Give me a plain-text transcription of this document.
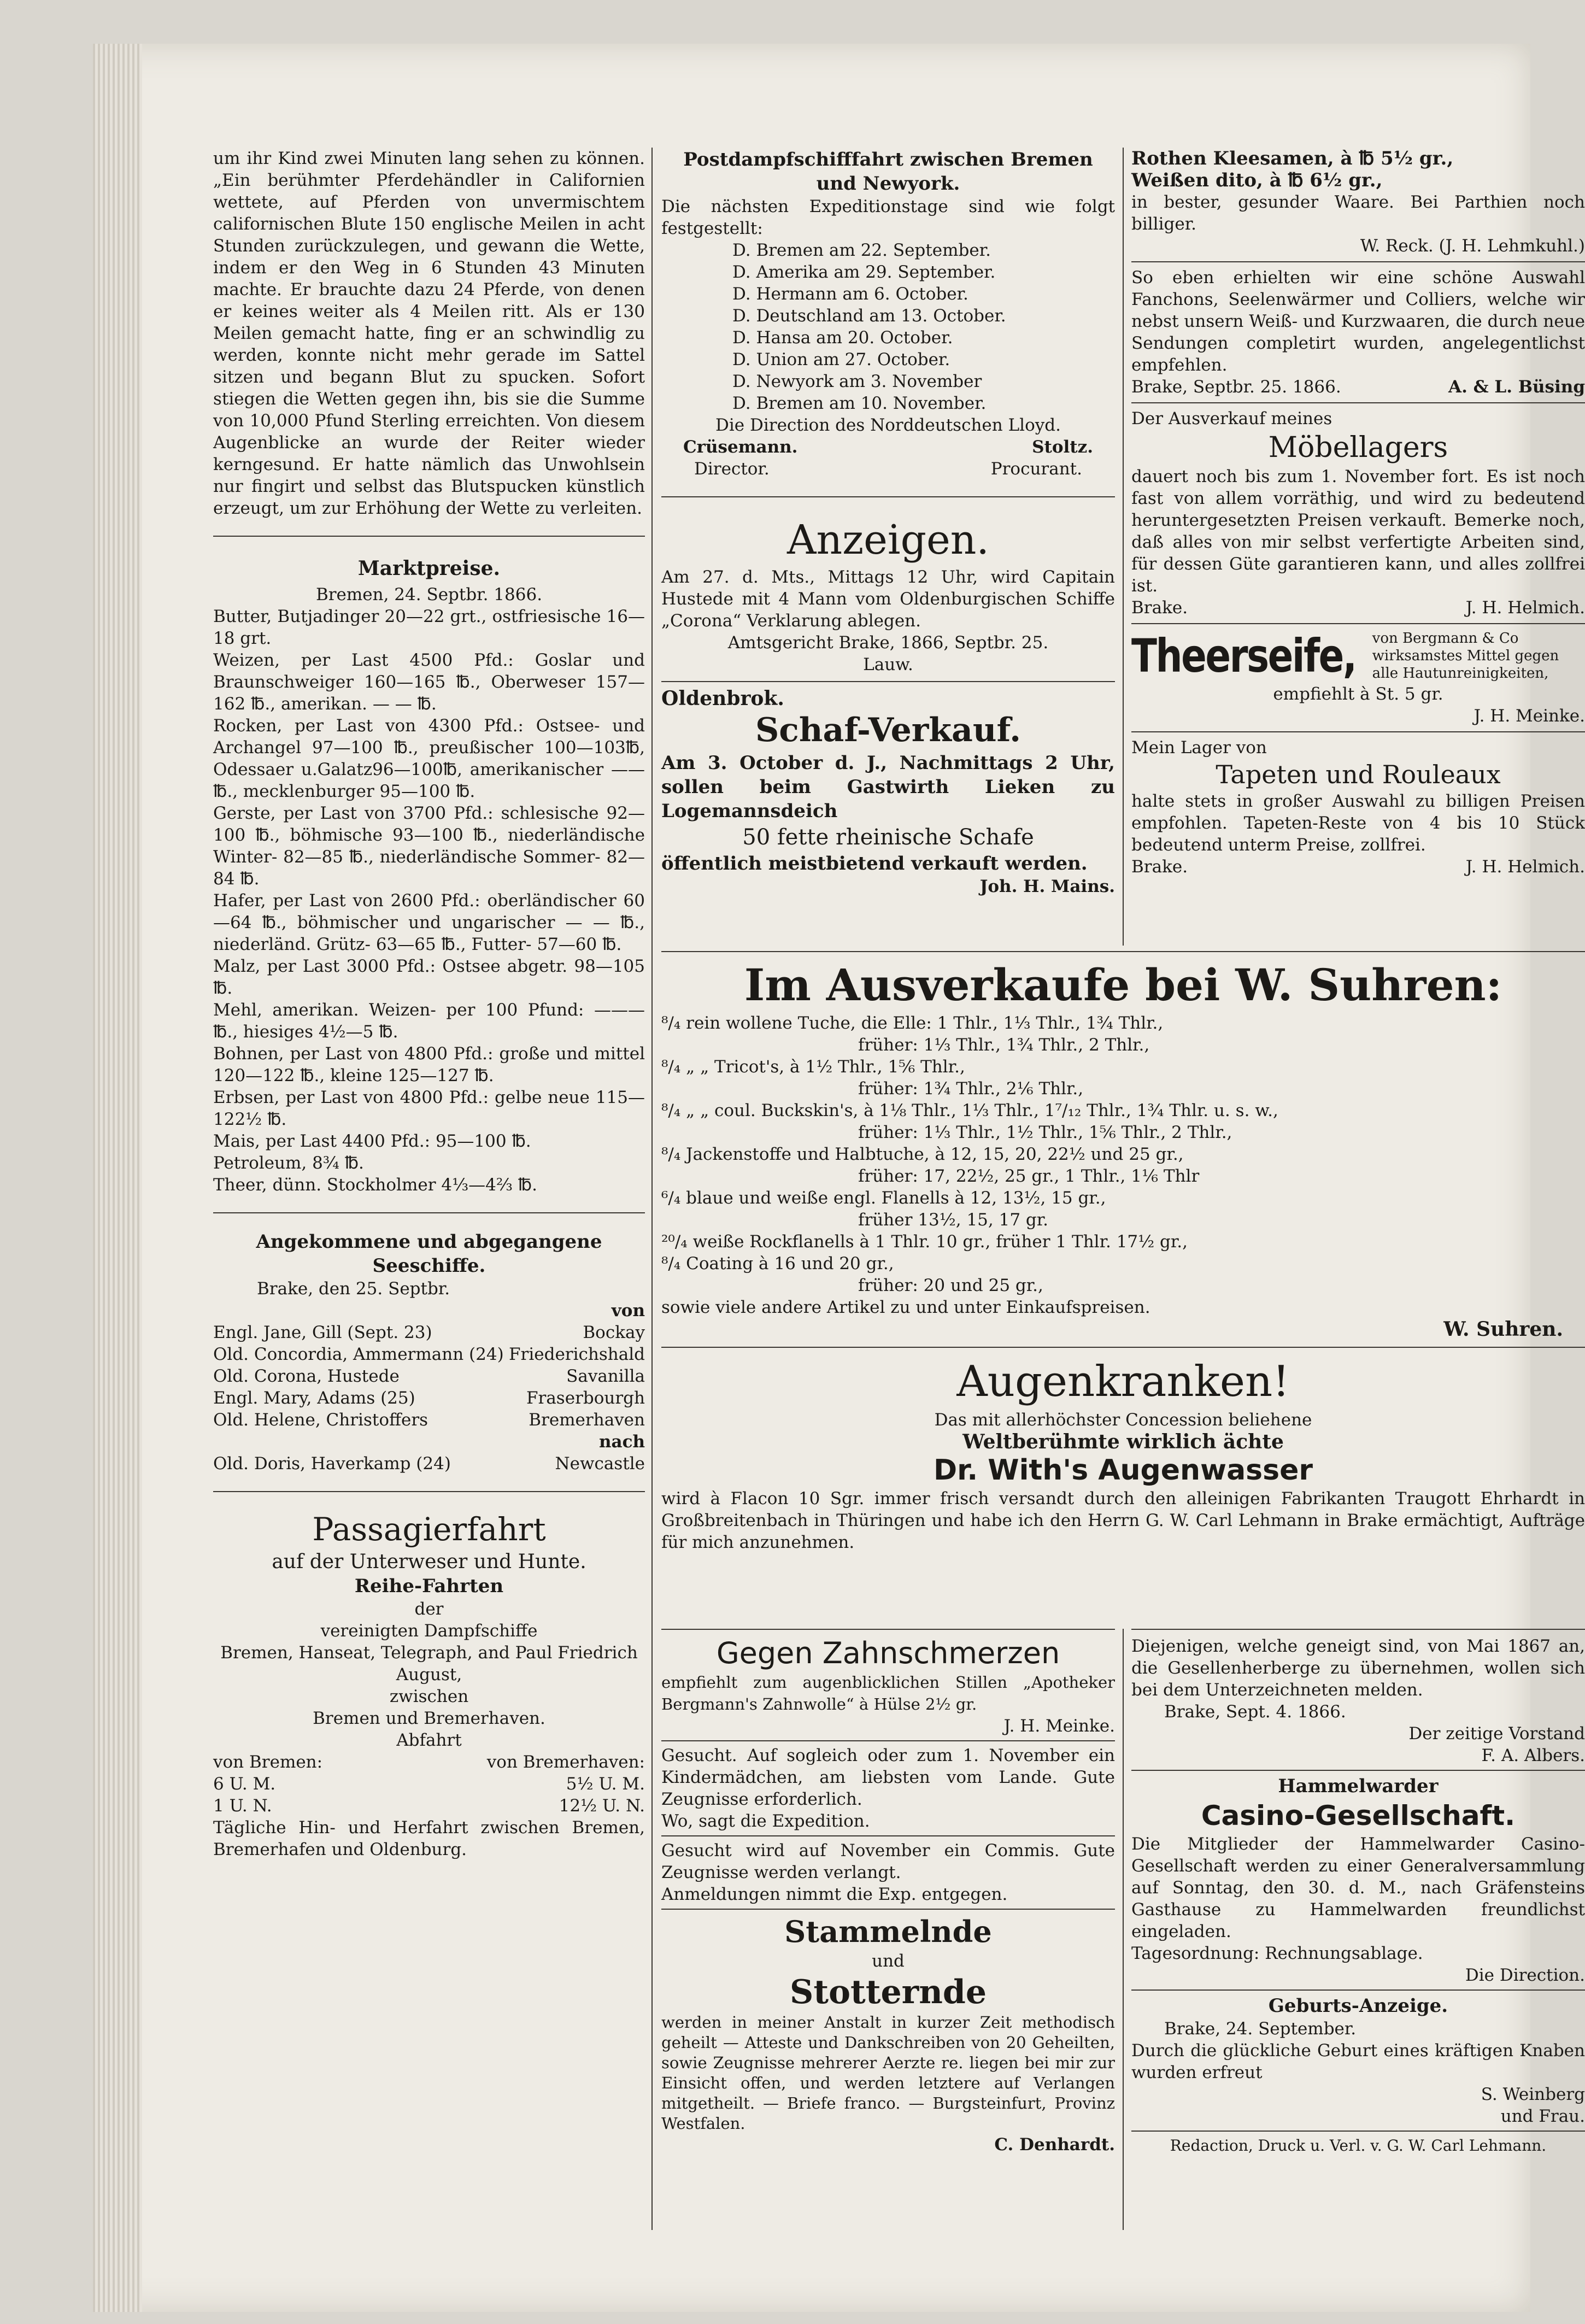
um ihr Kind zwei Minuten lang sehen zu können. „Ein berühmter Pferdehändler in Californien wettete, auf Pferden von unvermischtem californischen Blute 150 englische Meilen in acht Stunden zurückzulegen, und gewann die Wette, indem er den Weg in 6 Stunden 43 Minuten machte. Er brauchte dazu 24 Pferde, von denen er keines weiter als 4 Meilen ritt. Als er 130 Meilen gemacht hatte, fing er an schwindlig zu werden, konnte nicht mehr gerade im Sattel sitzen und begann Blut zu spucken. Sofort stiegen die Wetten gegen ihn, bis sie die Summe von 10,000 Pfund Sterling erreichten. Von diesem Augenblicke an wurde der Reiter wieder kerngesund. Er hatte nämlich das Unwohlsein nur fingirt und selbst das Blutspucken künstlich erzeugt, um zur Erhöhung der Wette zu verleiten.

Marktpreise.

Bremen, 24. Septbr. 1866.

Butter, Butjadinger 20—22 grt., ostfriesische 16—18 grt.

Weizen, per Last 4500 Pfd.: Goslar und Braunschweiger 160—165 ℔., Oberweser 157—162 ℔., amerikan. — — ℔.

Rocken, per Last von 4300 Pfd.: Ostsee- und Archangel 97—100 ℔., preußischer 100—103℔, Odessaer u.Galatz96—100℔, amerikanischer —— ℔., mecklenburger 95—100 ℔.

Gerste, per Last von 3700 Pfd.: schlesische 92—100 ℔., böhmische 93—100 ℔., niederländische Winter- 82—85 ℔., niederländische Sommer- 82—84 ℔.

Hafer, per Last von 2600 Pfd.: oberländischer 60—64 ℔., böhmischer und ungarischer — — ℔., niederländ. Grütz- 63—65 ℔., Futter- 57—60 ℔.

Malz, per Last 3000 Pfd.: Ostsee abgetr. 98—105 ℔.

Mehl, amerikan. Weizen- per 100 Pfund: ——— ℔., hiesiges 4½—5 ℔.

Bohnen, per Last von 4800 Pfd.: große und mittel 120—122 ℔., kleine 125—127 ℔.

Erbsen, per Last von 4800 Pfd.: gelbe neue 115—122½ ℔.

Mais, per Last 4400 Pfd.: 95—100 ℔.

Petroleum, 8¾ ℔.

Theer, dünn. Stockholmer 4⅓—4⅔ ℔.

Angekommene und abgegangene Seeschiffe.

Brake, den 25. Septbr.

von

Engl. Jane, Gill (Sept. 23)	Bockay
Old. Concordia, Ammermann (24) Friederichshald
Old. Corona, Hustede	Savanilla
Engl. Mary, Adams (25)	Fraserbourgh
Old. Helene, Christoffers	Bremerhaven

nach

Old. Doris, Haverkamp (24)	Newcastle

Passagierfahrt

auf der Unterweser und Hunte.

Reihe-Fahrten

der

vereinigten Dampfschiffe

Bremen, Hanseat, Telegraph, and Paul Friedrich August,

zwischen

Bremen und Bremerhaven.

Abfahrt

von Bremen:	von Bremerhaven:
6 U. M.	5½ U. M.
1 U. N.	12½ U. N.

Tägliche Hin- und Herfahrt zwischen Bremen, Bremerhafen und Oldenburg.

Postdampfschifffahrt zwischen Bremen und Newyork.

Die nächsten Expeditionstage sind wie folgt festgestellt:

D. Bremen am 22. September.

D. Amerika am 29. September.

D. Hermann am 6. October.

D. Deutschland am 13. October.

D. Hansa am 20. October.

D. Union am 27. October.

D. Newyork am 3. November

D. Bremen am 10. November.

Die Direction des Norddeutschen Lloyd.

Crüsemann.	Stoltz.
Director.	Procurant.

Anzeigen.

Am 27. d. Mts., Mittags 12 Uhr, wird Capitain Hustede mit 4 Mann vom Oldenburgischen Schiffe „Corona“ Verklarung ablegen.

Amtsgericht Brake, 1866, Septbr. 25.

Lauw.

Oldenbrok.

Schaf-Verkauf.

Am 3. October d. J., Nachmittags 2 Uhr, sollen beim Gastwirth Lieken zu Logemannsdeich

50 fette rheinische Schafe

öffentlich meistbietend verkauft werden.

Joh. H. Mains.

Rothen Kleesamen, à ℔ 5½ gr.,

Weißen dito, à ℔ 6½ gr.,

in bester, gesunder Waare. Bei Parthien noch billiger.

W. Reck. (J. H. Lehmkuhl.)

So eben erhielten wir eine schöne Auswahl Fanchons, Seelenwärmer und Colliers, welche wir nebst unsern Weiß- und Kurzwaaren, die durch neue Sendungen completirt wurden, angelegentlichst empfehlen.

Brake, Septbr. 25. 1866.	A. & L. Büsing

Der Ausverkauf meines

Möbellagers

dauert noch bis zum 1. November fort. Es ist noch fast von allem vorräthig, und wird zu bedeutend heruntergesetzten Preisen verkauft. Bemerke noch, daß alles von mir selbst verfertigte Arbeiten sind, für dessen Güte garantieren kann, und alles zollfrei ist.

Brake.	J. H. Helmich.
Theerseife, von Bergmann & Co wirksamstes Mittel gegen alle Hautunreinigkeiten,

empfiehlt à St. 5 gr.

J. H. Meinke.

Mein Lager von

Tapeten und Rouleaux

halte stets in großer Auswahl zu billigen Preisen empfohlen. Tapeten-Reste von 4 bis 10 Stück bedeutend unterm Preise, zollfrei.

Brake.	J. H. Helmich.

Im Ausverkaufe bei W. Suhren:

⁸/₄ rein wollene Tuche, die Elle: 1 Thlr., 1⅓ Thlr., 1¾ Thlr.,

früher: 1⅓ Thlr., 1¾ Thlr., 2 Thlr.,

⁸/₄ „ „ Tricot's, à 1½ Thlr., 1⅚ Thlr.,

früher: 1¾ Thlr., 2⅙ Thlr.,

⁸/₄ „ „ coul. Buckskin's, à 1⅛ Thlr., 1⅓ Thlr., 1⁷/₁₂ Thlr., 1¾ Thlr. u. s. w.,

früher: 1⅓ Thlr., 1½ Thlr., 1⅚ Thlr., 2 Thlr.,

⁸/₄ Jackenstoffe und Halbtuche, à 12, 15, 20, 22½ und 25 gr.,

früher: 17, 22½, 25 gr., 1 Thlr., 1⅙ Thlr

⁶/₄ blaue und weiße engl. Flanells à 12, 13½, 15 gr.,

früher 13½, 15, 17 gr.

²⁰/₄ weiße Rockflanells à 1 Thlr. 10 gr., früher 1 Thlr. 17½ gr.,

⁸/₄ Coating à 16 und 20 gr.,

früher: 20 und 25 gr.,

sowie viele andere Artikel zu und unter Einkaufspreisen.

W. Suhren.

Augenkranken!

Das mit allerhöchster Concession beliehene

Weltberühmte wirklich ächte

Dr. With's Augenwasser

wird à Flacon 10 Sgr. immer frisch versandt durch den alleinigen Fabrikanten Traugott Ehrhardt in Großbreitenbach in Thüringen und habe ich den Herrn G. W. Carl Lehmann in Brake ermächtigt, Aufträge für mich anzunehmen.

Gegen Zahnschmerzen

empfiehlt zum augenblicklichen Stillen „Apotheker Bergmann's Zahnwolle“ à Hülse 2½ gr.

J. H. Meinke.

Gesucht. Auf sogleich oder zum 1. November ein Kindermädchen, am liebsten vom Lande. Gute Zeugnisse erforderlich.

Wo, sagt die Expedition.

Gesucht wird auf November ein Commis. Gute Zeugnisse werden verlangt.

Anmeldungen nimmt die Exp. entgegen.

Stammelnde

und

Stotternde

werden in meiner Anstalt in kurzer Zeit methodisch geheilt — Atteste und Dankschreiben von 20 Geheilten, sowie Zeugnisse mehrerer Aerzte re. liegen bei mir zur Einsicht offen, und werden letztere auf Verlangen mitgetheilt. — Briefe franco. — Burgsteinfurt, Provinz Westfalen.

C. Denhardt.

Diejenigen, welche geneigt sind, von Mai 1867 an, die Gesellenherberge zu übernehmen, wollen sich bei dem Unterzeichneten melden.

Brake, Sept. 4. 1866.

Der zeitige Vorstand

F. A. Albers.

Hammelwarder

Casino-Gesellschaft.

Die Mitglieder der Hammelwarder Casino-Gesellschaft werden zu einer Generalversammlung auf Sonntag, den 30. d. M., nach Gräfensteins Gasthause zu Hammelwarden freundlichst eingeladen.

Tagesordnung: Rechnungsablage.

Die Direction.

Geburts-Anzeige.

Brake, 24. September.

Durch die glückliche Geburt eines kräftigen Knaben wurden erfreut

S. Weinberg

und Frau.

Redaction, Druck u. Verl. v. G. W. Carl Lehmann.
